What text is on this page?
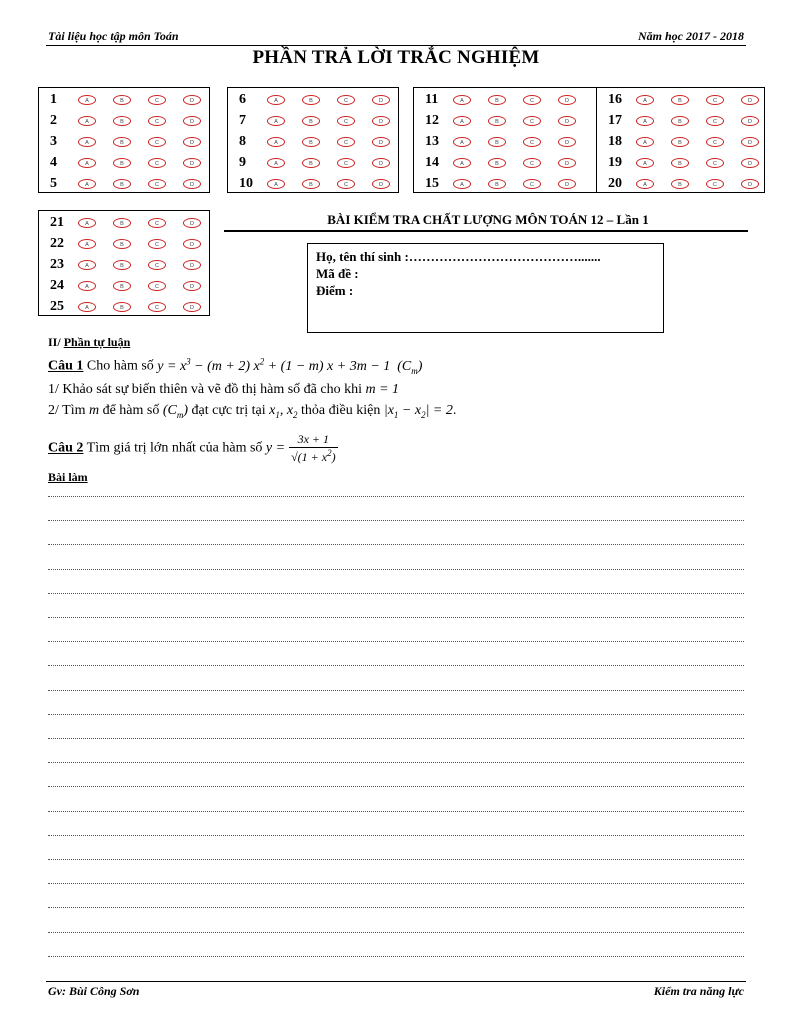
Tài liệu học tập môn Toán	Năm học 2017 - 2018
PHẦN TRẢ LỜI TRẮC NGHIỆM
1	A	B	C	D
2	A	B	C	D
3	A	B	C	D
4	A	B	C	D
5	A	B	C	D
6	A	B	C	D
7	A	B	C	D
8	A	B	C	D
9	A	B	C	D
10	A	B	C	D
11	A	B	C	D
12	A	B	C	D
13	A	B	C	D
14	A	B	C	D
15	A	B	C	D
16	A	B	C	D
17	A	B	C	D
18	A	B	C	D
19	A	B	C	D
20	A	B	C	D
21	A	B	C	D
22	A	B	C	D
23	A	B	C	D
24	A	B	C	D
25	A	B	C	D
BÀI KIỂM TRA CHẤT LƯỢNG MÔN TOÁN 12 – Lần 1
Họ, tên thí sinh :………………………………….......
Mã đề :
Điểm :
II/ Phần tự luận
Câu 1 Cho hàm số $y = x^3 - (m + 2) x^2 + (1 - m) x + 3m - 1$  $(C_m)$
1/ Khảo sát sự biến thiên và vẽ đồ thị hàm số đã cho khi m = 1
2/ Tìm m để hàm số $(C_m)$ đạt cực trị tại $x_1$, $x_2$ thỏa điều kiện $|x_1 - x_2| = 2$.
Câu 2 Tìm giá trị lớn nhất của hàm số $y = \frac{3x + 1}{√(1 + x^2)}$
Bài làm
Gv: Bùi Công Sơn	Kiểm tra năng lực
